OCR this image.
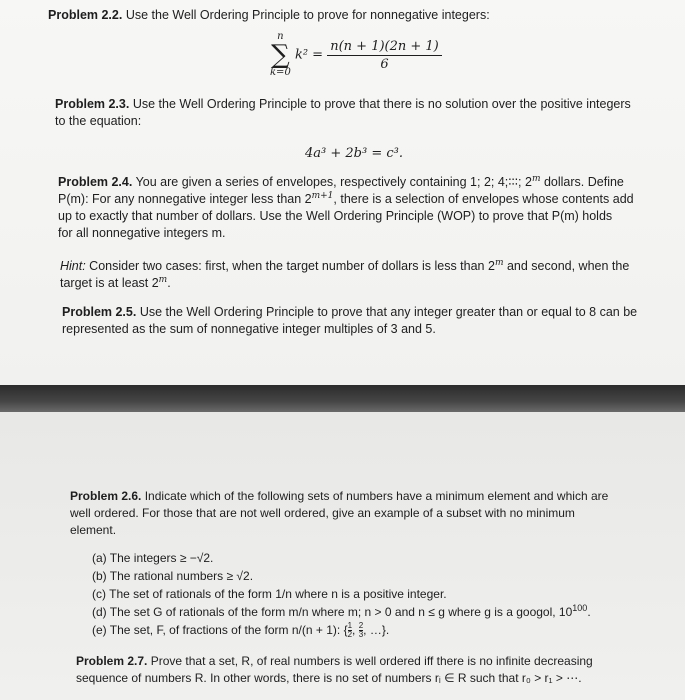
Problem 2.2. Use the Well Ordering Principle to prove for nonnegative integers:
n
∑
k=0
$k^2 = \frac{n(n + 1)(2n + 1)}{6}$
Problem 2.3. Use the Well Ordering Principle to prove that there is no solution over the positive integers
to the equation:
4a³ + 2b³ = c³.
Problem 2.4. You are given a series of envelopes, respectively containing 1; 2; 4;∶∶∶; 2$^m$ dollars. Define
P(m): For any nonnegative integer less than $2^{m+1}$, there is a selection of envelopes whose contents add
up to exactly that number of dollars. Use the Well Ordering Principle (WOP) to prove that P(m) holds
for all nonnegative integers m.
Hint: Consider two cases: first, when the target number of dollars is less than 2$^m$ and second, when the
target is at least 2$^m$.
Problem 2.5. Use the Well Ordering Principle to prove that any integer greater than or equal to 8 can be
represented as the sum of nonnegative integer multiples of 3 and 5.
Problem 2.6. Indicate which of the following sets of numbers have a minimum element and which are
well ordered. For those that are not well ordered, give an example of a subset with no minimum
element.
(a) The integers ≥ −√2.
(b) The rational numbers ≥ √2.
(c) The set of rationals of the form 1/n where n is a positive integer.
(d) The set G of rationals of the form m/n where m; n > 0 and n ≤ g where g is a googol, $10^{100}$.
(e) The set, F, of fractions of the form n/(n + 1): { $\frac{1}{2}$ , $\frac{2}{3}$ , …}.
Problem 2.7. Prove that a set, R, of real numbers is well ordered iff there is no infinite decreasing
sequence of numbers R. In other words, there is no set of numbers rᵢ ∈ R such that r₀ > r₁ > ⋯.
